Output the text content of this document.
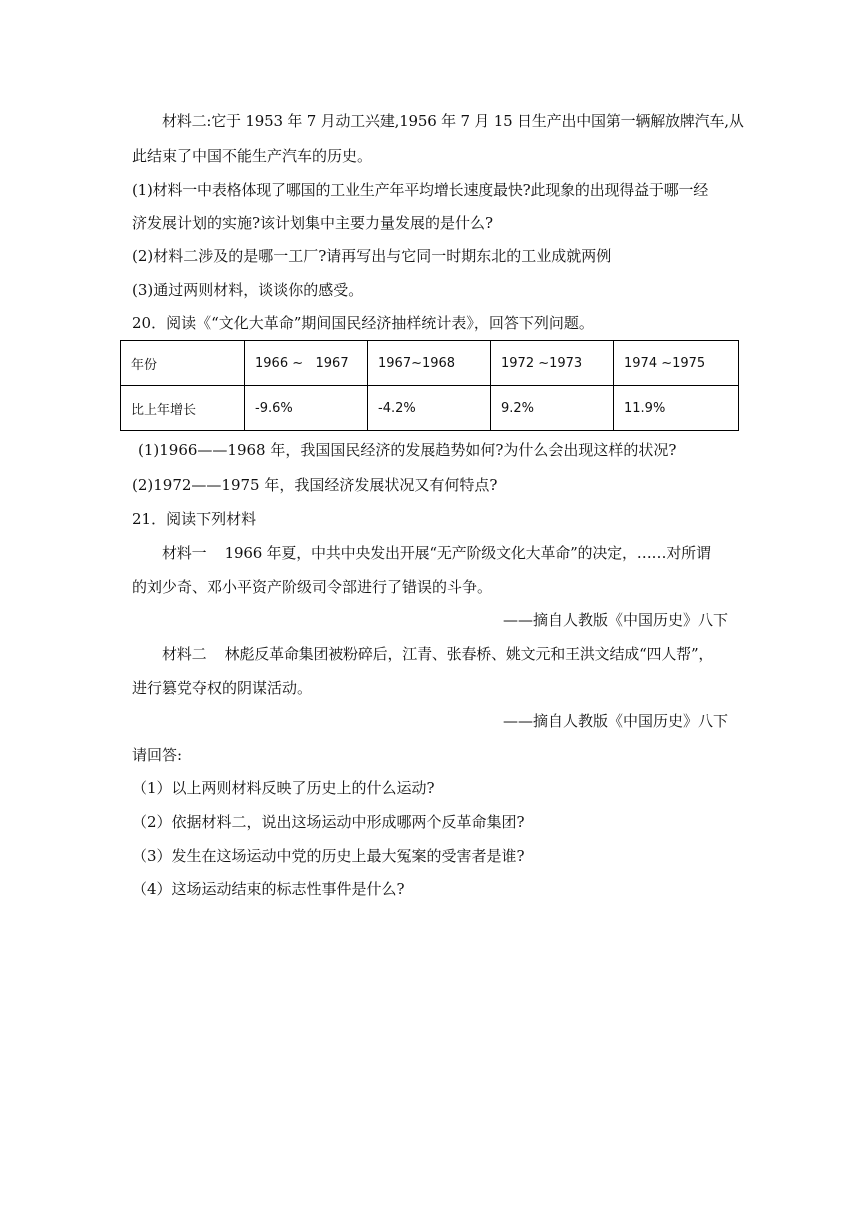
材料二:它于 1953 年 7 月动工兴建,1956 年 7 月 15 日生产出中国第一辆解放牌汽车,从
此结束了中国不能生产汽车的历史。
(1)材料一中表格体现了哪国的工业生产年平均增长速度最快?此现象的出现得益于哪一经
济发展计划的实施?该计划集中主要力量发展的是什么?
(2)材料二涉及的是哪一工厂?请再写出与它同一时期东北的工业成就两例
(3)通过两则材料，谈谈你的感受。
20．阅读《“文化大革命”期间国民经济抽样统计表》，回答下列问题。
年份	1966 ~   1967	1967~1968	1972 ~1973	1974 ~1975
比上年增长	-9.6%	-4.2%	9.2%	11.9%
(1)1966——1968 年，我国国民经济的发展趋势如何?为什么会出现这样的状况?
(2)1972——1975 年，我国经济发展状况又有何特点?
21．阅读下列材料
材料一    1966 年夏，中共中央发出开展“无产阶级文化大革命”的决定，……对所谓
的刘少奇、邓小平资产阶级司令部进行了错误的斗争。
——摘自人教版《中国历史》八下
材料二    林彪反革命集团被粉碎后，江青、张春桥、姚文元和王洪文结成“四人帮”，
进行篡党夺权的阴谋活动。
——摘自人教版《中国历史》八下
请回答:
（1）以上两则材料反映了历史上的什么运动?
（2）依据材料二，说出这场运动中形成哪两个反革命集团?
（3）发生在这场运动中党的历史上最大冤案的受害者是谁?
（4）这场运动结束的标志性事件是什么?
